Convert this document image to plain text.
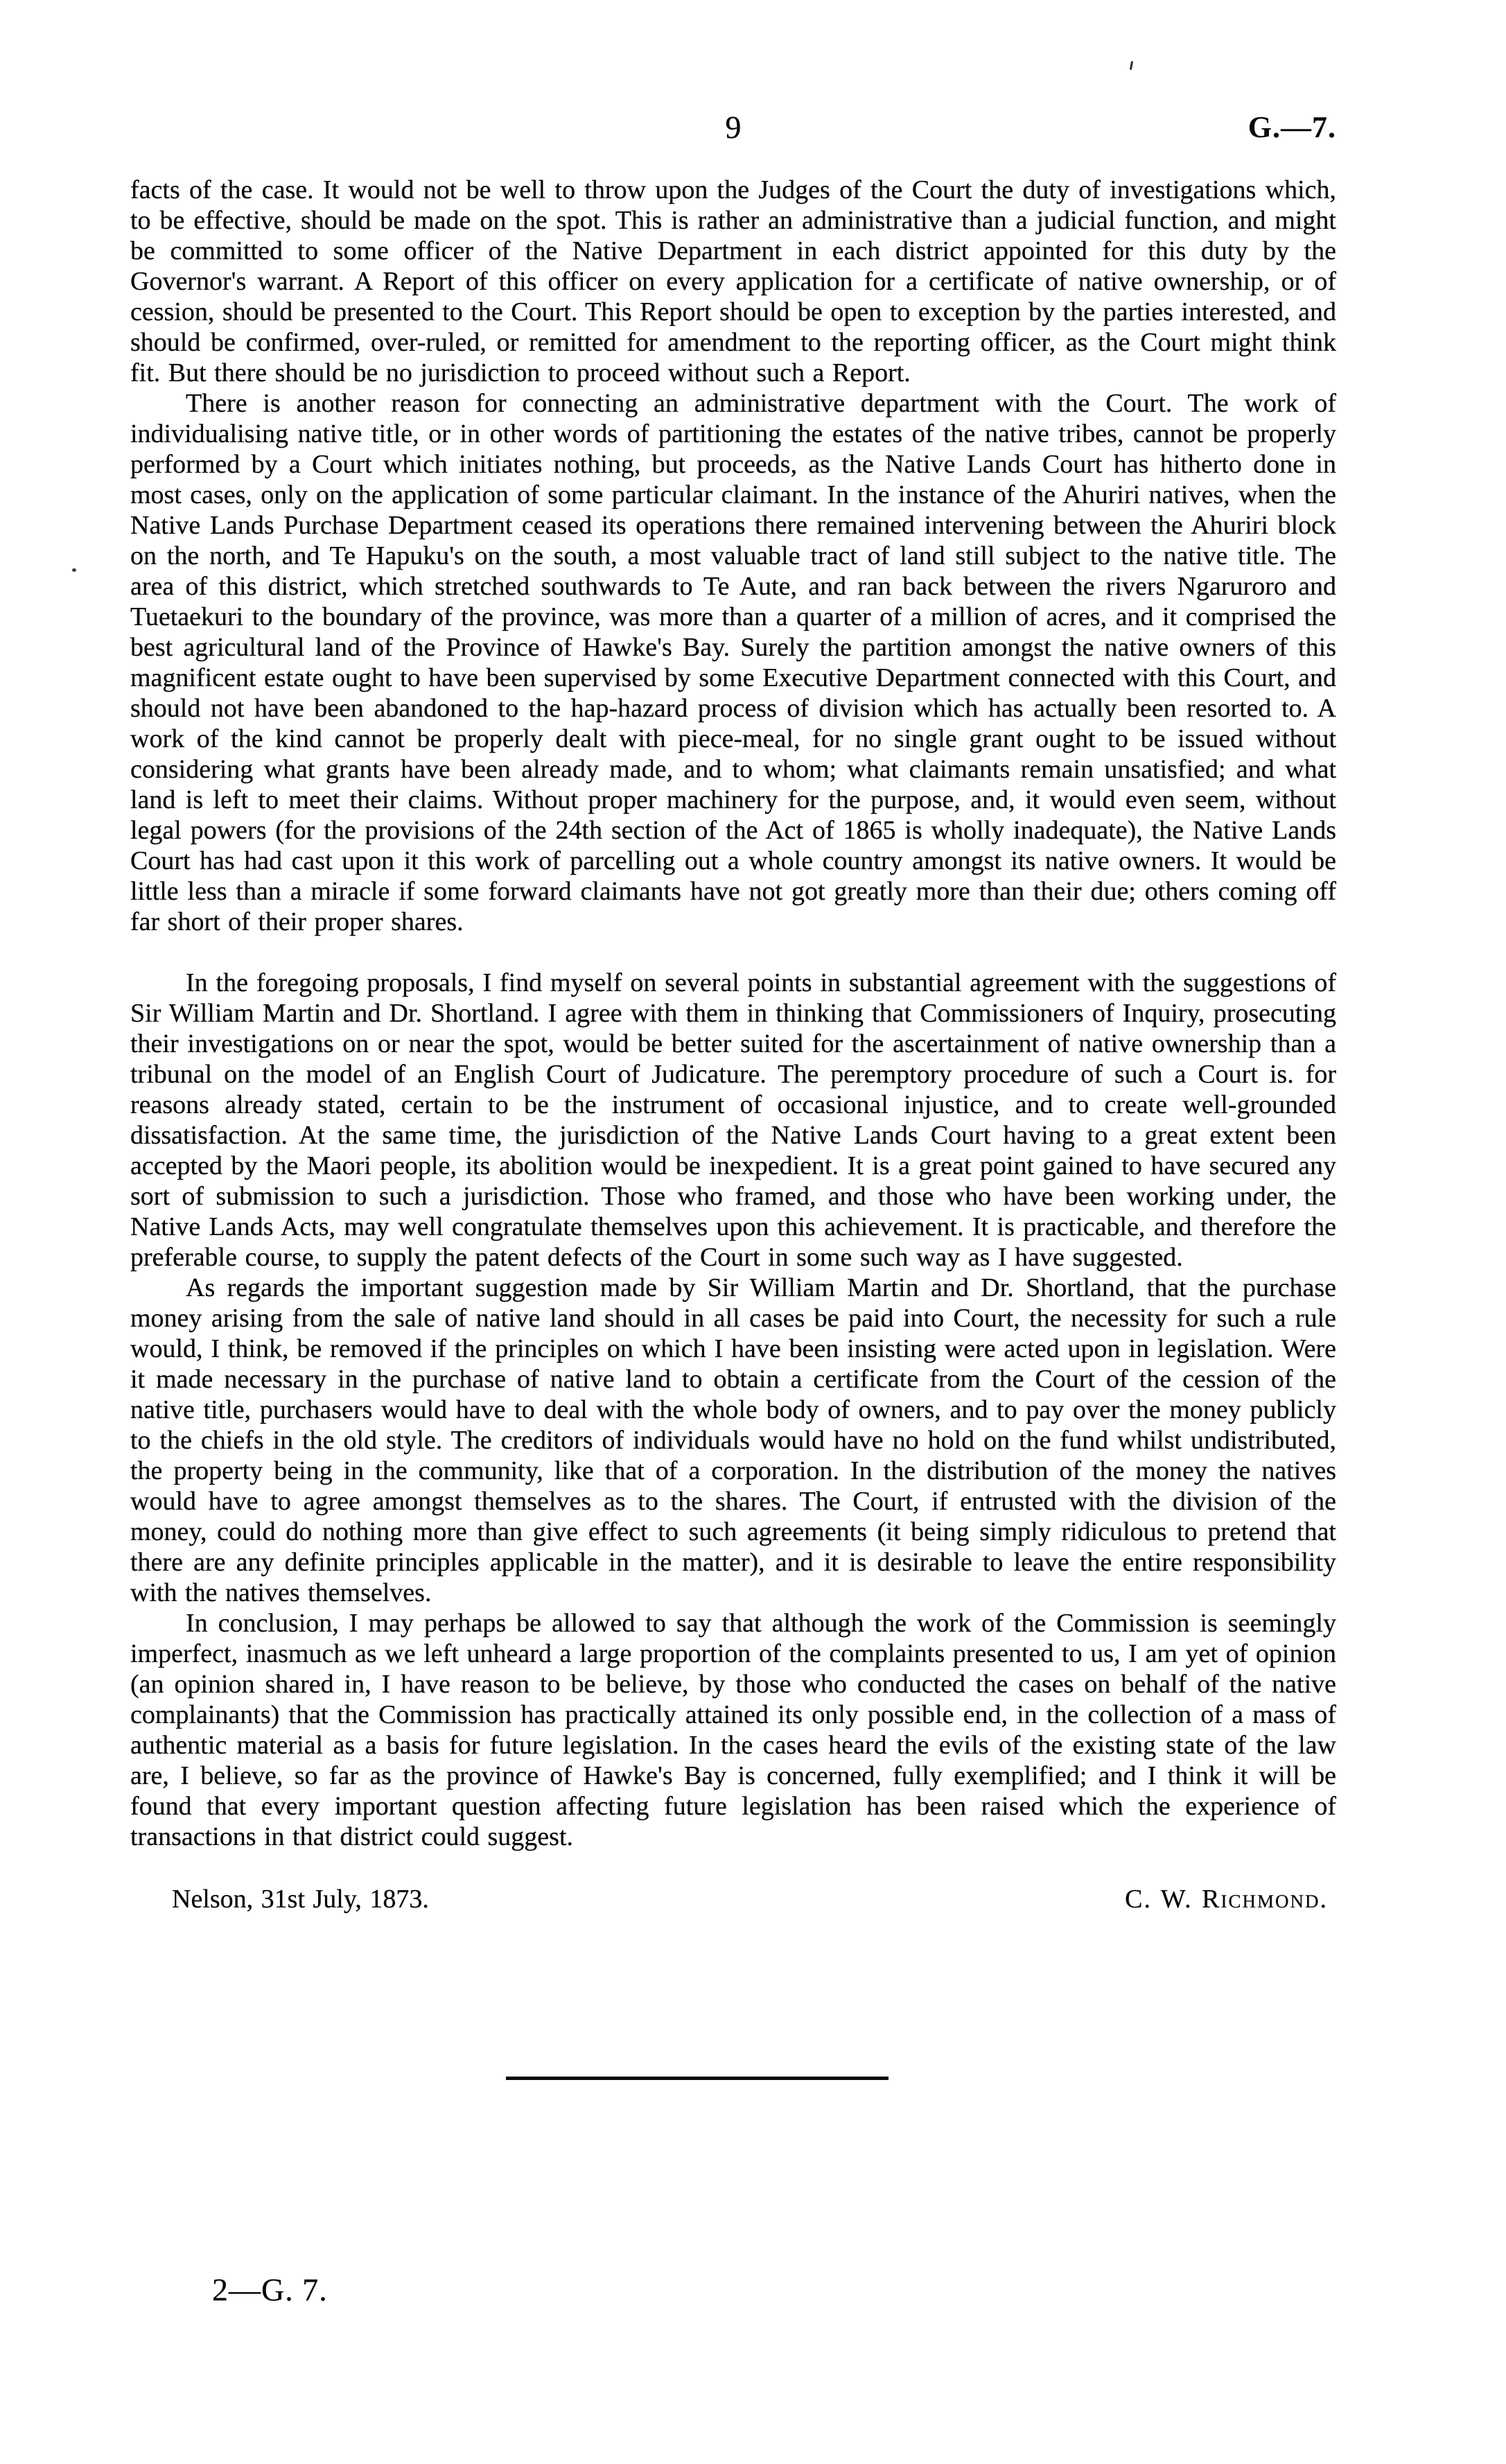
9	G.—7.

facts of the case. It would not be well to throw upon the Judges of the Court the duty of investigations which, to be effective, should be made on the spot. This is rather an administrative than a judicial function, and might be committed to some officer of the Native Department in each district appointed for this duty by the Governor's warrant. A Report of this officer on every application for a certificate of native ownership, or of cession, should be presented to the Court. This Report should be open to exception by the parties interested, and should be confirmed, over-ruled, or remitted for amendment to the reporting officer, as the Court might think fit. But there should be no jurisdiction to proceed without such a Report.

There is another reason for connecting an administrative department with the Court. The work of individualising native title, or in other words of partitioning the estates of the native tribes, cannot be properly performed by a Court which initiates nothing, but proceeds, as the Native Lands Court has hitherto done in most cases, only on the application of some particular claimant. In the instance of the Ahuriri natives, when the Native Lands Purchase Department ceased its operations there remained intervening between the Ahuriri block on the north, and Te Hapuku's on the south, a most valuable tract of land still subject to the native title. The area of this district, which stretched southwards to Te Aute, and ran back between the rivers Ngaruroro and Tuetaekuri to the boundary of the province, was more than a quarter of a million of acres, and it comprised the best agricultural land of the Province of Hawke's Bay. Surely the partition amongst the native owners of this magnificent estate ought to have been supervised by some Executive Department connected with this Court, and should not have been abandoned to the hap-hazard process of division which has actually been resorted to. A work of the kind cannot be properly dealt with piece-meal, for no single grant ought to be issued without considering what grants have been already made, and to whom; what claimants remain unsatisfied; and what land is left to meet their claims. Without proper machinery for the purpose, and, it would even seem, without legal powers (for the provisions of the 24th section of the Act of 1865 is wholly inadequate), the Native Lands Court has had cast upon it this work of parcelling out a whole country amongst its native owners. It would be little less than a miracle if some forward claimants have not got greatly more than their due; others coming off far short of their proper shares.

In the foregoing proposals, I find myself on several points in substantial agreement with the suggestions of Sir William Martin and Dr. Shortland. I agree with them in thinking that Commissioners of Inquiry, prosecuting their investigations on or near the spot, would be better suited for the ascertainment of native ownership than a tribunal on the model of an English Court of Judicature. The peremptory procedure of such a Court is. for reasons already stated, certain to be the instrument of occasional injustice, and to create well-grounded dissatisfaction. At the same time, the jurisdiction of the Native Lands Court having to a great extent been accepted by the Maori people, its abolition would be inexpedient. It is a great point gained to have secured any sort of submission to such a jurisdiction. Those who framed, and those who have been working under, the Native Lands Acts, may well congratulate themselves upon this achievement. It is practicable, and therefore the preferable course, to supply the patent defects of the Court in some such way as I have suggested.

As regards the important suggestion made by Sir William Martin and Dr. Shortland, that the purchase money arising from the sale of native land should in all cases be paid into Court, the necessity for such a rule would, I think, be removed if the principles on which I have been insisting were acted upon in legislation. Were it made necessary in the purchase of native land to obtain a certificate from the Court of the cession of the native title, purchasers would have to deal with the whole body of owners, and to pay over the money publicly to the chiefs in the old style. The creditors of individuals would have no hold on the fund whilst undistributed, the property being in the community, like that of a corporation. In the distribution of the money the natives would have to agree amongst themselves as to the shares. The Court, if entrusted with the division of the money, could do nothing more than give effect to such agreements (it being simply ridiculous to pretend that there are any definite principles applicable in the matter), and it is desirable to leave the entire responsibility with the natives themselves.

In conclusion, I may perhaps be allowed to say that although the work of the Commission is seemingly imperfect, inasmuch as we left unheard a large proportion of the complaints presented to us, I am yet of opinion (an opinion shared in, I have reason to be believe, by those who conducted the cases on behalf of the native complainants) that the Commission has practically attained its only possible end, in the collection of a mass of authentic material as a basis for future legislation. In the cases heard the evils of the existing state of the law are, I believe, so far as the province of Hawke's Bay is concerned, fully exemplified; and I think it will be found that every important question affecting future legislation has been raised which the experience of transactions in that district could suggest.

Nelson, 31st July, 1873.	C. W. Richmond.
2—G. 7.
